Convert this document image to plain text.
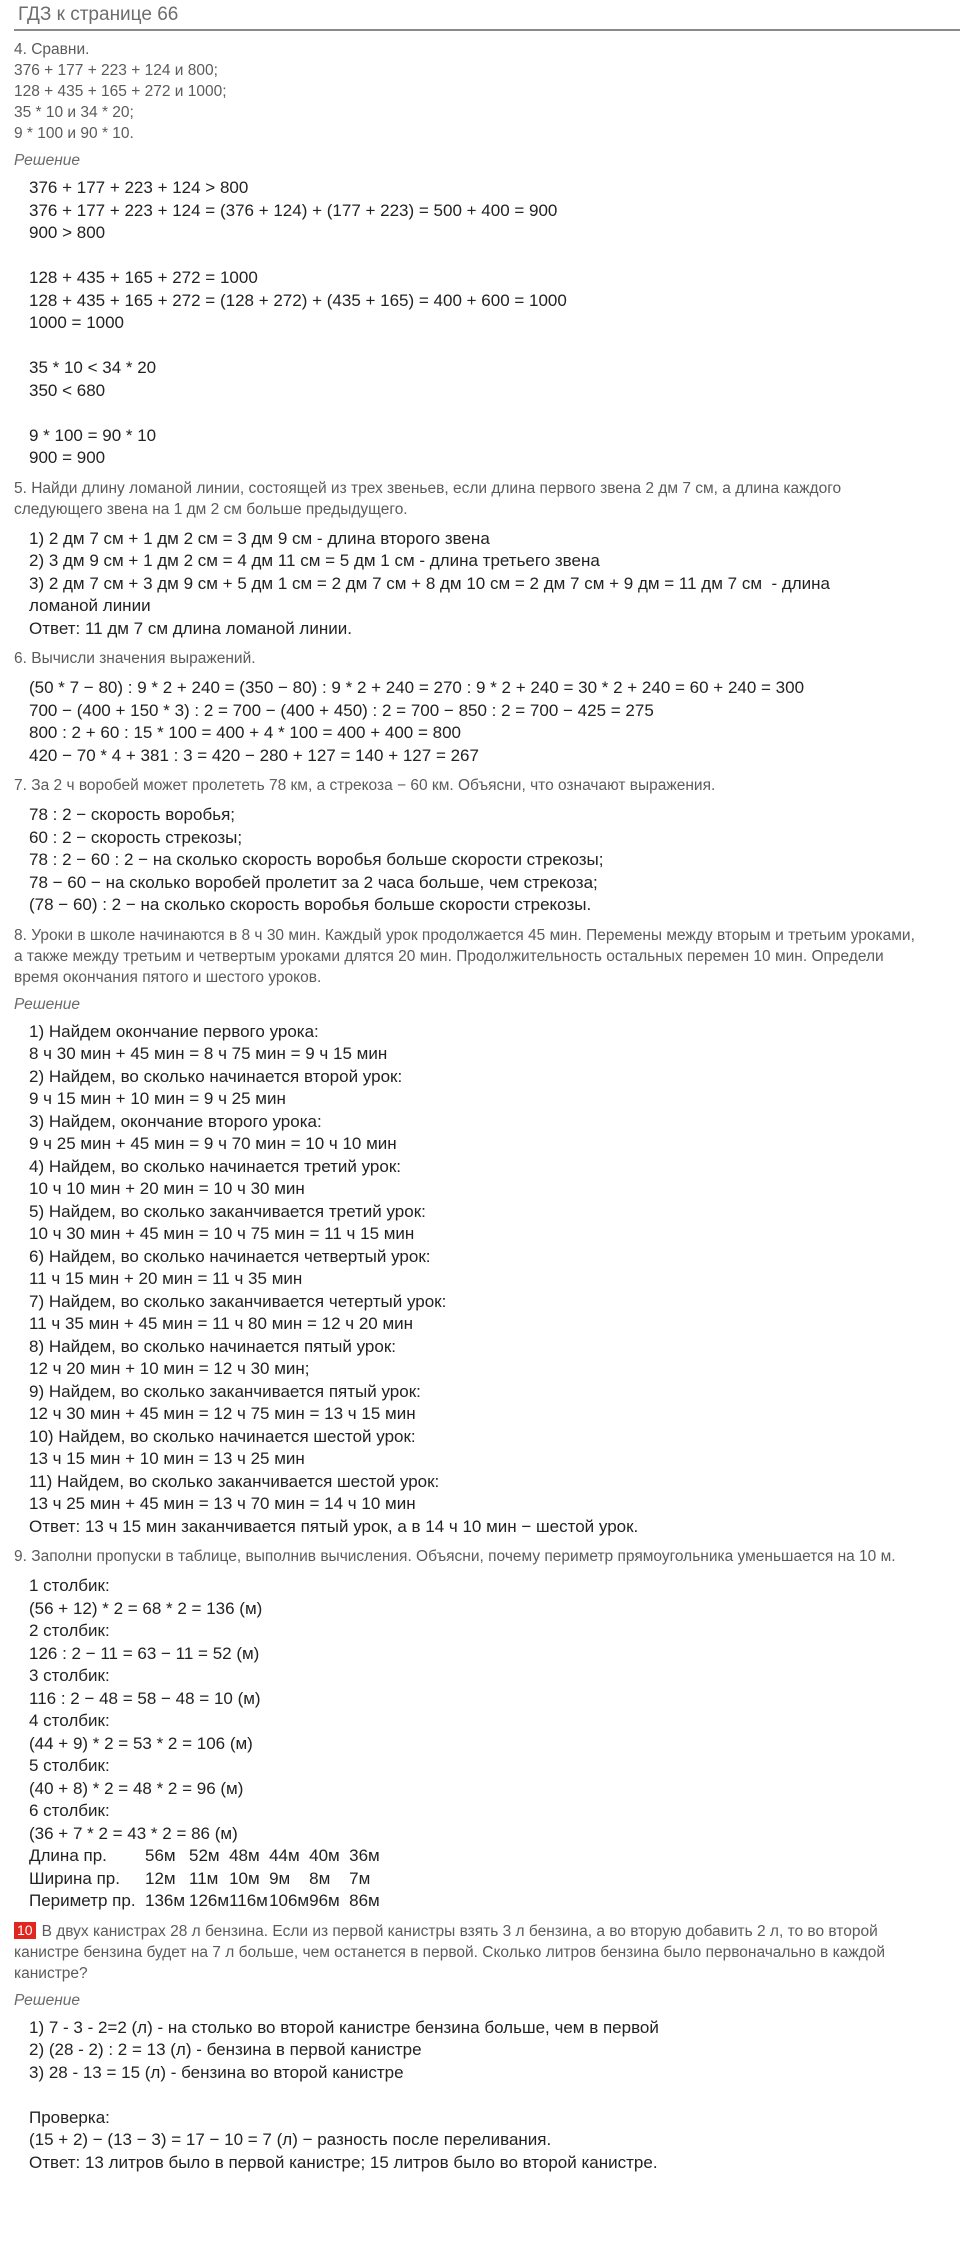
ГДЗ к странице 66
4. Сравни.
376 + 177 + 223 + 124 и 800;
128 + 435 + 165 + 272 и 1000;
35 * 10 и 34 * 20;
9 * 100 и 90 * 10.
Решение
376 + 177 + 223 + 124 > 800
376 + 177 + 223 + 124 = (376 + 124) + (177 + 223) = 500 + 400 = 900
900 > 800

128 + 435 + 165 + 272 = 1000
128 + 435 + 165 + 272 = (128 + 272) + (435 + 165) = 400 + 600 = 1000
1000 = 1000

35 * 10 < 34 * 20
350 < 680

9 * 100 = 90 * 10
900 = 900
5. Найди длину ломаной линии, состоящей из трех звеньев, если длина первого звена 2 дм 7 см, а длина каждого
следующего звена на 1 дм 2 см больше предыдущего.
1) 2 дм 7 см + 1 дм 2 см = 3 дм 9 см - длина второго звена
2) 3 дм 9 см + 1 дм 2 см = 4 дм 11 см = 5 дм 1 см - длина третьего звена
3) 2 дм 7 см + 3 дм 9 см + 5 дм 1 см = 2 дм 7 см + 8 дм 10 см = 2 дм 7 см + 9 дм = 11 дм 7 см  - длина
ломаной линии
Ответ: 11 дм 7 см длина ломаной линии.
6. Вычисли значения выражений.
(50 * 7 − 80) : 9 * 2 + 240 = (350 − 80) : 9 * 2 + 240 = 270 : 9 * 2 + 240 = 30 * 2 + 240 = 60 + 240 = 300
700 − (400 + 150 * 3) : 2 = 700 − (400 + 450) : 2 = 700 − 850 : 2 = 700 − 425 = 275
800 : 2 + 60 : 15 * 100 = 400 + 4 * 100 = 400 + 400 = 800
420 − 70 * 4 + 381 : 3 = 420 − 280 + 127 = 140 + 127 = 267
7. За 2 ч воробей может пролететь 78 км, а стрекоза − 60 км. Объясни, что означают выражения.
78 : 2 − скорость воробья;
60 : 2 − скорость стрекозы;
78 : 2 − 60 : 2 − на сколько скорость воробья больше скорости стрекозы;
78 − 60 − на сколько воробей пролетит за 2 часа больше, чем стрекоза;
(78 − 60) : 2 − на сколько скорость воробья больше скорости стрекозы.
8. Уроки в школе начинаются в 8 ч 30 мин. Каждый урок продолжается 45 мин. Перемены между вторым и третьим уроками,
а также между третьим и четвертым уроками длятся 20 мин. Продолжительность остальных перемен 10 мин. Определи
время окончания пятого и шестого уроков.
Решение
1) Найдем окончание первого урока:
8 ч 30 мин + 45 мин = 8 ч 75 мин = 9 ч 15 мин
2) Найдем, во сколько начинается второй урок:
9 ч 15 мин + 10 мин = 9 ч 25 мин
3) Найдем, окончание второго урока:
9 ч 25 мин + 45 мин = 9 ч 70 мин = 10 ч 10 мин
4) Найдем, во сколько начинается третий урок:
10 ч 10 мин + 20 мин = 10 ч 30 мин
5) Найдем, во сколько заканчивается третий урок:
10 ч 30 мин + 45 мин = 10 ч 75 мин = 11 ч 15 мин
6) Найдем, во сколько начинается четвертый урок:
11 ч 15 мин + 20 мин = 11 ч 35 мин
7) Найдем, во сколько заканчивается четертый урок:
11 ч 35 мин + 45 мин = 11 ч 80 мин = 12 ч 20 мин
8) Найдем, во сколько начинается пятый урок:
12 ч 20 мин + 10 мин = 12 ч 30 мин;
9) Найдем, во сколько заканчивается пятый урок:
12 ч 30 мин + 45 мин = 12 ч 75 мин = 13 ч 15 мин
10) Найдем, во сколько начинается шестой урок:
13 ч 15 мин + 10 мин = 13 ч 25 мин
11) Найдем, во сколько заканчивается шестой урок:
13 ч 25 мин + 45 мин = 13 ч 70 мин = 14 ч 10 мин
Ответ: 13 ч 15 мин заканчивается пятый урок, а в 14 ч 10 мин − шестой урок.
9. Заполни пропуски в таблице, выполнив вычисления. Объясни, почему периметр прямоугольника уменьшается на 10 м.
1 столбик:
(56 + 12) * 2 = 68 * 2 = 136 (м)
2 столбик:
126 : 2 − 11 = 63 − 11 = 52 (м)
3 столбик:
116 : 2 − 48 = 58 − 48 = 10 (м)
4 столбик:
(44 + 9) * 2 = 53 * 2 = 106 (м)
5 столбик:
(40 + 8) * 2 = 48 * 2 = 96 (м)
6 столбик:
(36 + 7 * 2 = 43 * 2 = 86 (м)
Длина пр.	56м	52м	48м	44м	40м	36м
Ширина пр.	12м	11м	10м	9м	8м	7м
Периметр пр.	136м	126м	116м	106м	96м	86м
10 В двух канистрах 28 л бензина. Если из первой канистры взять 3 л бензина, а во вторую добавить 2 л, то во второй
канистре бензина будет на 7 л больше, чем останется в первой. Сколько литров бензина было первоначально в каждой
канистре?
Решение
1) 7 - 3 - 2=2 (л) - на столько во второй канистре бензина больше, чем в первой
2) (28 - 2) : 2 = 13 (л) - бензина в первой канистре
3) 28 - 13 = 15 (л) - бензина во второй канистре

Проверка:
(15 + 2) − (13 − 3) = 17 − 10 = 7 (л) − разность после переливания.
Ответ: 13 литров было в первой канистре; 15 литров было во второй канистре.
